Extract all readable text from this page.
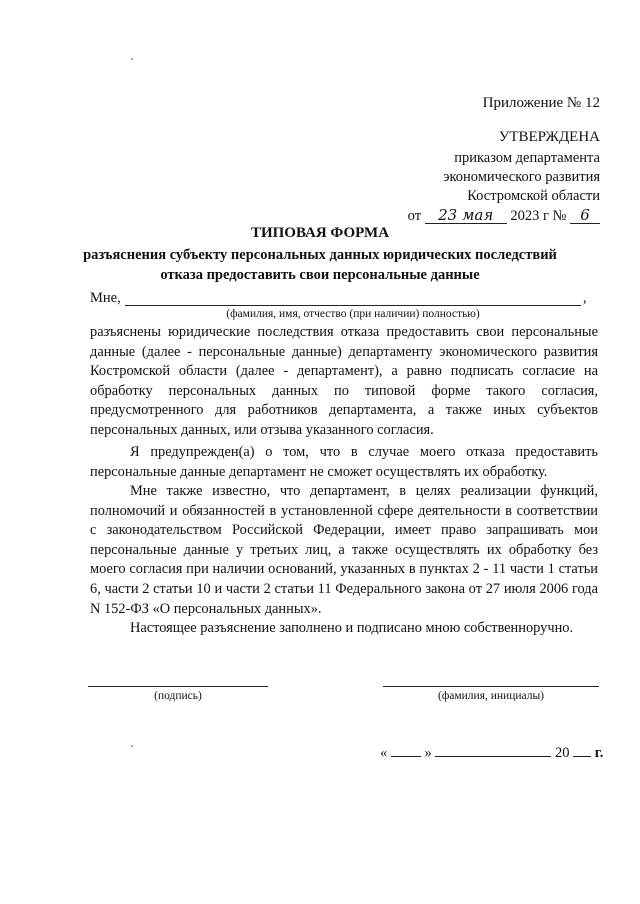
Приложение № 12
УТВЕРЖДЕНА
приказом департамента
экономического развития
Костромской области
от 23 мая 2023 г № 6
ТИПОВАЯ ФОРМА
разъяснения субъекту персональных данных юридических последствий
отказа предоставить свои персональные данные
Мне,	,
(фамилия, имя, отчество (при наличии) полностью)
разъяснены юридические последствия отказа предоставить свои персональные данные (далее - персональные данные) департаменту экономического развития Костромской области (далее - департамент), а равно подписать согласие на обработку персональных данных по типовой форме такого согласия, предусмотренного для работников департамента, а также иных субъектов персональных данных, или отзыва указанного согласия.
Я предупрежден(а) о том, что в случае моего отказа предоставить персональные данные департамент не сможет осуществлять их обработку.
Мне также известно, что департамент, в целях реализации функций, полномочий и обязанностей в установленной сфере деятельности в соответствии с законодательством Российской Федерации, имеет право запрашивать мои персональные данные у третьих лиц, а также осуществлять их обработку без моего согласия при наличии оснований, указанных в пунктах 2 - 11 части 1 статьи 6, части 2 статьи 10 и части 2 статьи 11 Федерального закона от 27 июля 2006 года N 152-ФЗ «О персональных данных».
Настоящее разъяснение заполнено и подписано мною собственноручно.
(подпись)	(фамилия, инициалы)
«	»	20 г.
